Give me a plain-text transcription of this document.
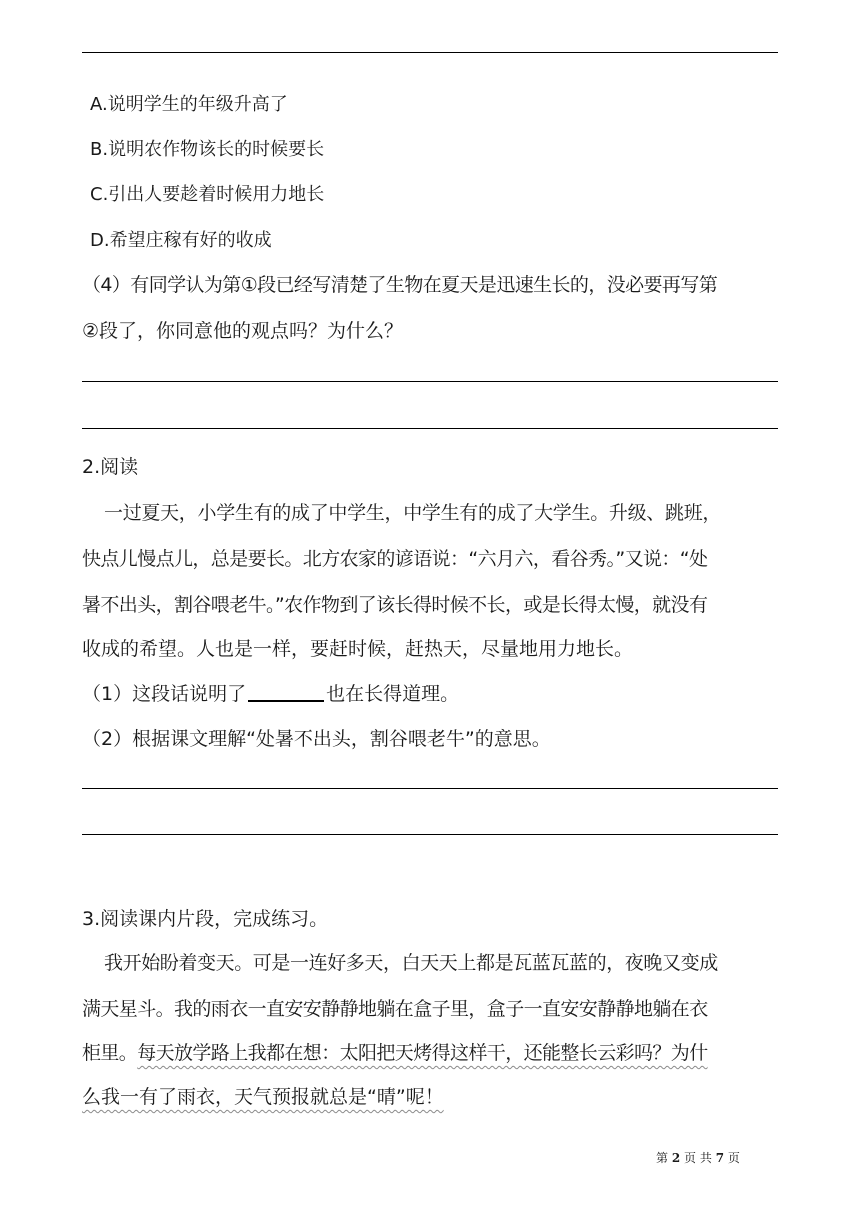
A.说明学生的年级升高了
B.说明农作物该长的时候要长
C.引出人要趁着时候用力地长
D.希望庄稼有好的收成
（4）有同学认为第①段已经写清楚了生物在夏天是迅速生长的，没必要再写第
②段了，你同意他的观点吗？为什么？
2.阅读
一过夏天，小学生有的成了中学生，中学生有的成了大学生。升级、跳班，
快点儿慢点儿，总是要长。北方农家的谚语说：“六月六，看谷秀。”又说：“处
暑不出头，割谷喂老牛。”农作物到了该长得时候不长，或是长得太慢，就没有
收成的希望。人也是一样，要赶时候，赶热天，尽量地用力地长。
（1）这段话说明了	也在长得道理。
（2）根据课文理解“处暑不出头，割谷喂老牛”的意思。
3.阅读课内片段，完成练习。
我开始盼着变天。可是一连好多天，白天天上都是瓦蓝瓦蓝的，夜晚又变成
满天星斗。我的雨衣一直安安静静地躺在盒子里，盒子一直安安静静地躺在衣
柜里。每天放学路上我都在想：太阳把天烤得这样干，还能整长云彩吗？为什
么我一有了雨衣，天气预报就总是“晴”呢！
第 2 页 共 7 页
